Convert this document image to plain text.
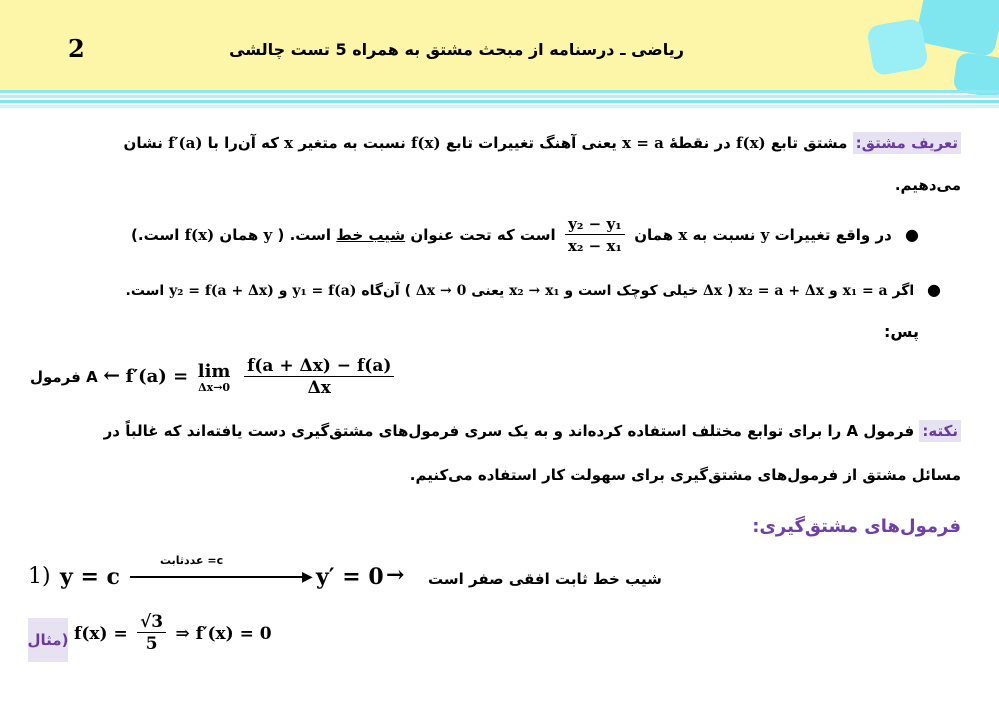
2	ریاضی ـ درسنامه از مبحث مشتق به همراه 5 تست چالشی
تعریف مشتق: مشتق تابع f(x) در نقطهٔ x = a یعنی آهنگ تغییرات تابع f(x) نسبت به متغیر x که آن‌را با f′(a) نشان
می‌دهیم.
● در واقع تغییرات y نسبت به x همان
$\frac{\text{y₂ − y₁}}{\text{x₂ − x₁}}$
است که تحت عنوان شیب خط است. ( y همان f(x) است.)
● اگر x₁ = a و x₂ = a + Δx ( Δx خیلی کوچک است و x₂ → x₁ یعنی Δx → 0 ) آن‌گاه y₁ = f(a) و y₂ = f(a + Δx) است.
پس:
فرمول A ← f′(a) = lim
Δx→0
$\frac{f(a + \Delta x) - f(a)}{\Delta x}$
نکته: فرمول A را برای توابع مختلف استفاده کرده‌اند و به یک سری فرمول‌های مشتق‌گیری دست یافته‌اند که غالباً در
مسائل مشتق از فرمول‌های مشتق‌گیری برای سهولت کار استفاده می‌کنیم.
فرمول‌های مشتق‌گیری:
1) y = c
c= عددثابت
▶ y′ = 0 → شیب خط ثابت افقی صفر است
(مثال $f(x) = \frac{√3}{5}$ ⇒ f′(x) = 0
